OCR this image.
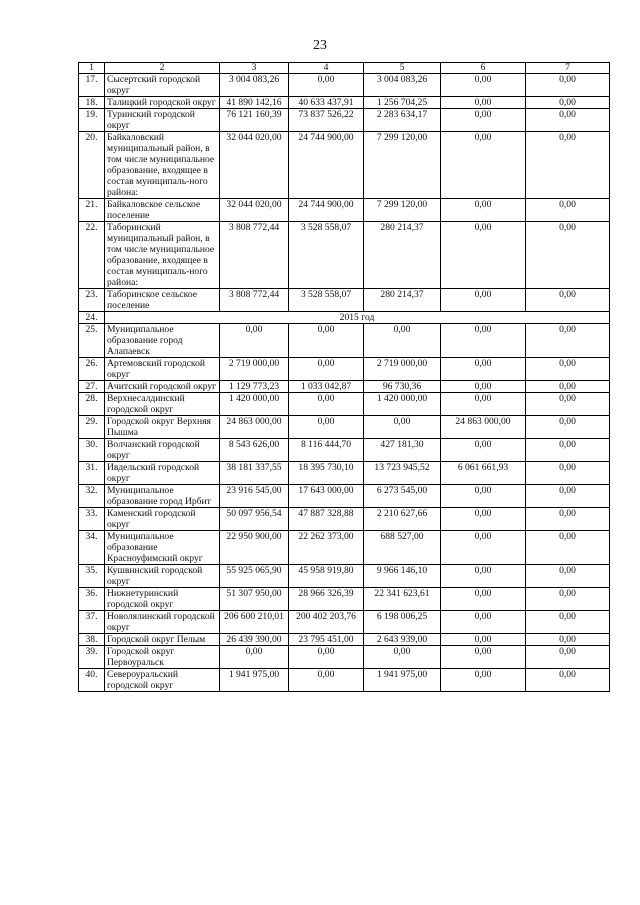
23
1	2	3	4	5	6	7
17.	Сысертский городской округ	3 004 083,26	0,00	3 004 083,26	0,00	0,00
18.	Талицкий городской округ	41 890 142,16	40 633 437,91	1 256 704,25	0,00	0,00
19.	Туринский городской округ	76 121 160,39	73 837 526,22	2 283 634,17	0,00	0,00
20.	Байкаловский муниципальный район, в том числе муниципальное образование, входящее в состав муниципаль-ного района:	32 044 020,00	24 744 900,00	7 299 120,00	0,00	0,00
21.	Байкаловское сельское поселение	32 044 020,00	24 744 900,00	7 299 120,00	0,00	0,00
22.	Таборинский муниципальный район, в том числе муниципальное образование, входящее в состав муниципаль-ного района:	3 808 772,44	3 528 558,07	280 214,37	0,00	0,00
23.	Таборинское сельское поселение	3 808 772,44	3 528 558,07	280 214,37	0,00	0,00
24.	2015 год					
25.	Муниципальное образование город Алапаевск	0,00	0,00	0,00	0,00	0,00
26.	Артемовский городской округ	2 719 000,00	0,00	2 719 000,00	0,00	0,00
27.	Ачитский городской округ	1 129 773,23	1 033 042,87	96 730,36	0,00	0,00
28.	Верхнесалдинский городской округ	1 420 000,00	0,00	1 420 000,00	0,00	0,00
29.	Городской округ Верхняя Пышма	24 863 000,00	0,00	0,00	24 863 000,00	0,00
30.	Волчанский городской округ	8 543 626,00	8 116 444,70	427 181,30	0,00	0,00
31.	Ивдельский городской округ	38 181 337,55	18 395 730,10	13 723 945,52	6 061 661,93	0,00
32.	Муниципальное образование город Ирбит	23 916 545,00	17 643 000,00	6 273 545,00	0,00	0,00
33.	Каменский городской округ	50 097 956,54	47 887 328,88	2 210 627,66	0,00	0,00
34.	Муниципальное образование Красноуфимский округ	22 950 900,00	22 262 373,00	688 527,00	0,00	0,00
35.	Кушвинский городской округ	55 925 065,90	45 958 919,80	9 966 146,10	0,00	0,00
36.	Нижнетуринский городской округ	51 307 950,00	28 966 326,39	22 341 623,61	0,00	0,00
37.	Новолялинский городской округ	206 600 210,01	200 402 203,76	6 198 006,25	0,00	0,00
38.	Городской округ Пелым	26 439 390,00	23 795 451,00	2 643 939,00	0,00	0,00
39.	Городской округ Первоуральск	0,00	0,00	0,00	0,00	0,00
40.	Североуральский городской округ	1 941 975,00	0,00	1 941 975,00	0,00	0,00
